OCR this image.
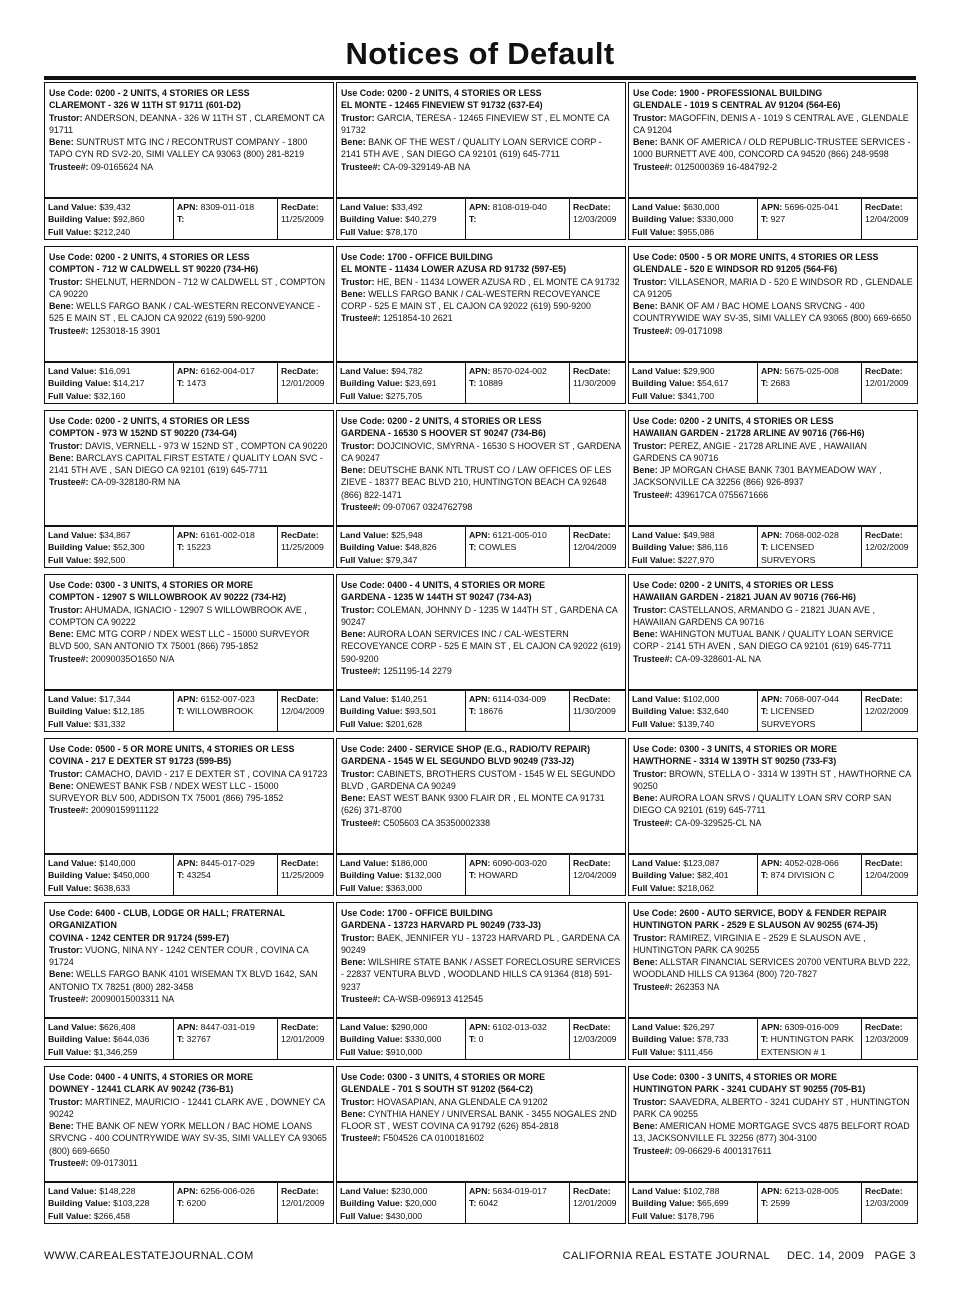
Notices of Default
Use Code: 0200 - 2 UNITS, 4 STORIES OR LESS
CLAREMONT - 326 W 11TH ST 91711 (601-D2)
Trustor: ANDERSON, DEANNA - 326 W 11TH ST , CLAREMONT CA 91711
Bene: SUNTRUST MTG INC / RECONTRUST COMPANY - 1800 TAPO CYN RD SV2-20, SIMI VALLEY CA 93063 (800) 281-8219
Trustee#: 09-0165624 NA
Land Value: $39,432
Building Value: $92,860
Full Value: $212,240
APN: 8309-011-018
T:
RecDate:
11/25/2009
Use Code: 0200 - 2 UNITS, 4 STORIES OR LESS
EL MONTE - 12465 FINEVIEW ST 91732 (637-E4)
Trustor: GARCIA, TERESA - 12465 FINEVIEW ST , EL MONTE CA 91732
Bene: BANK OF THE WEST / QUALITY LOAN SERVICE CORP - 2141 5TH AVE , SAN DIEGO CA 92101 (619) 645-7711
Trustee#: CA-09-329149-AB NA
Land Value: $33,492
Building Value: $40,279
Full Value: $78,170
APN: 8108-019-040
T:
RecDate:
12/03/2009
Use Code: 1900 - PROFESSIONAL BUILDING
GLENDALE - 1019 S CENTRAL AV 91204 (564-E6)
Trustor: MAGOFFIN, DENIS A - 1019 S CENTRAL AVE , GLENDALE CA 91204
Bene: BANK OF AMERICA / OLD REPUBLIC-TRUSTEE SERVICES - 1000 BURNETT AVE 400, CONCORD CA 94520 (866) 248-9598
Trustee#: 0125000369 16-484792-2
Land Value: $630,000
Building Value: $330,000
Full Value: $955,086
APN: 5696-025-041
T: 927
RecDate:
12/04/2009
Use Code: 0200 - 2 UNITS, 4 STORIES OR LESS
COMPTON - 712 W CALDWELL ST 90220 (734-H6)
Trustor: SHELNUT, HERNDON - 712 W CALDWELL ST , COMPTON CA 90220
Bene: WELLS FARGO BANK / CAL-WESTERN RECONVEYANCE - 525 E MAIN ST , EL CAJON CA 92022 (619) 590-9200
Trustee#: 1253018-15 3901
Land Value: $16,091
Building Value: $14,217
Full Value: $32,160
APN: 6162-004-017
T: 1473
RecDate:
12/01/2009
Use Code: 1700 - OFFICE BUILDING
EL MONTE - 11434 LOWER AZUSA RD 91732 (597-E5)
Trustor: HE, BEN - 11434 LOWER AZUSA RD , EL MONTE CA 91732
Bene: WELLS FARGO BANK / CAL-WESTERN RECOVEYANCE CORP - 525 E MAIN ST , EL CAJON CA 92022 (619) 590-9200
Trustee#: 1251854-10 2621
Land Value: $94,782
Building Value: $23,691
Full Value: $275,705
APN: 8570-024-002
T: 10889
RecDate:
11/30/2009
Use Code: 0500 - 5 OR MORE UNITS, 4 STORIES OR LESS
GLENDALE - 520 E WINDSOR RD 91205 (564-F6)
Trustor: VILLASENOR, MARIA D - 520 E WINDSOR RD , GLENDALE CA 91205
Bene: BANK OF AM / BAC HOME LOANS SRVCNG - 400 COUNTRYWIDE WAY SV-35, SIMI VALLEY CA 93065 (800) 669-6650
Trustee#: 09-0171098
Land Value: $29,900
Building Value: $54,617
Full Value: $341,700
APN: 5675-025-008
T: 2683
RecDate:
12/01/2009
Use Code: 0200 - 2 UNITS, 4 STORIES OR LESS
COMPTON - 973 W 152ND ST 90220 (734-G4)
Trustor: DAVIS, VERNELL - 973 W 152ND ST , COMPTON CA 90220
Bene: BARCLAYS CAPITAL FIRST ESTATE / QUALITY LOAN SVC - 2141 5TH AVE , SAN DIEGO CA 92101 (619) 645-7711
Trustee#: CA-09-328180-RM NA
Land Value: $34,867
Building Value: $52,300
Full Value: $92,500
APN: 6161-002-018
T: 15223
RecDate:
11/25/2009
Use Code: 0200 - 2 UNITS, 4 STORIES OR LESS
GARDENA - 16530 S HOOVER ST 90247 (734-B6)
Trustor: DOJCINOVIC, SMYRNA - 16530 S HOOVER ST , GARDENA CA 90247
Bene: DEUTSCHE BANK NTL TRUST CO / LAW OFFICES OF LES ZIEVE - 18377 BEAC BLVD 210, HUNTINGTON BEACH CA 92648 (866) 822-1471
Trustee#: 09-07067 0324762798
Land Value: $25,948
Building Value: $48,826
Full Value: $79,347
APN: 6121-005-010
T: COWLES
RecDate:
12/04/2009
Use Code: 0200 - 2 UNITS, 4 STORIES OR LESS
HAWAIIAN GARDEN - 21728 ARLINE AV 90716 (766-H6)
Trustor: PEREZ, ANGIE - 21728 ARLINE AVE , HAWAIIAN GARDENS CA 90716
Bene: JP MORGAN CHASE BANK 7301 BAYMEADOW WAY , JACKSONVILLE CA 32256 (866) 926-8937
Trustee#: 439617CA 0755671666
Land Value: $49,988
Building Value: $86,116
Full Value: $227,970
APN: 7068-002-028
T: LICENSED SURVEYORS
RecDate:
12/02/2009
Use Code: 0300 - 3 UNITS, 4 STORIES OR MORE
COMPTON - 12907 S WILLOWBROOK AV 90222 (734-H2)
Trustor: AHUMADA, IGNACIO - 12907 S WILLOWBROOK AVE , COMPTON CA 90222
Bene: EMC MTG CORP / NDEX WEST LLC - 15000 SURVEYOR BLVD 500, SAN ANTONIO TX 75001 (866) 795-1852
Trustee#: 20090035O1650 N/A
Land Value: $17,344
Building Value: $12,185
Full Value: $31,332
APN: 6152-007-023
T: WILLOWBROOK
RecDate:
12/04/2009
Use Code: 0400 - 4 UNITS, 4 STORIES OR MORE
GARDENA - 1235 W 144TH ST 90247 (734-A3)
Trustor: COLEMAN, JOHNNY D - 1235 W 144TH ST , GARDENA CA 90247
Bene: AURORA LOAN SERVICES INC / CAL-WESTERN RECOVEYANCE CORP - 525 E MAIN ST , EL CAJON CA 92022 (619) 590-9200
Trustee#: 1251195-14 2279
Land Value: $140,251
Building Value: $93,501
Full Value: $201,628
APN: 6114-034-009
T: 18676
RecDate:
11/30/2009
Use Code: 0200 - 2 UNITS, 4 STORIES OR LESS
HAWAIIAN GARDEN - 21821 JUAN AV 90716 (766-H6)
Trustor: CASTELLANOS, ARMANDO G - 21821 JUAN AVE , HAWAIIAN GARDENS CA 90716
Bene: WAHINGTON MUTUAL BANK / QUALITY LOAN SERVICE CORP - 2141 5TH AVEN , SAN DIEGO CA 92101 (619) 645-7711
Trustee#: CA-09-328601-AL NA
Land Value: $102,000
Building Value: $32,640
Full Value: $139,740
APN: 7068-007-044
T: LICENSED SURVEYORS
RecDate:
12/02/2009
Use Code: 0500 - 5 OR MORE UNITS, 4 STORIES OR LESS
COVINA - 217 E DEXTER ST 91723 (599-B5)
Trustor: CAMACHO, DAVID - 217 E DEXTER ST , COVINA CA 91723
Bene: ONEWEST BANK FSB / NDEX WEST LLC - 15000 SURVEYOR BLV 500, ADDISON TX 75001 (866) 795-1852
Trustee#: 20090159911122
Land Value: $140,000
Building Value: $450,000
Full Value: $638,633
APN: 8445-017-029
T: 43254
RecDate:
11/25/2009
Use Code: 2400 - SERVICE SHOP (E.G., RADIO/TV REPAIR)
GARDENA - 1545 W EL SEGUNDO BLVD 90249 (733-J2)
Trustor: CABINETS, BROTHERS CUSTOM - 1545 W EL SEGUNDO BLVD , GARDENA CA 90249
Bene: EAST WEST BANK 9300 FLAIR DR , EL MONTE CA 91731 (626) 371-8700
Trustee#: C505603 CA 35350002338
Land Value: $186,000
Building Value: $132,000
Full Value: $363,000
APN: 6090-003-020
T: HOWARD
RecDate:
12/04/2009
Use Code: 0300 - 3 UNITS, 4 STORIES OR MORE
HAWTHORNE - 3314 W 139TH ST 90250 (733-F3)
Trustor: BROWN, STELLA O - 3314 W 139TH ST , HAWTHORNE CA 90250
Bene: AURORA LOAN SRVS / QUALITY LOAN SRV CORP SAN DIEGO CA 92101 (619) 645-7711
Trustee#: CA-09-329525-CL NA
Land Value: $123,087
Building Value: $82,401
Full Value: $218,062
APN: 4052-028-066
T: 874 DIVISION C
RecDate:
12/04/2009
Use Code: 6400 - CLUB, LODGE OR HALL; FRATERNAL ORGANIZATION
COVINA - 1242 CENTER DR 91724 (599-E7)
Trustor: VUONG, NINA NY - 1242 CENTER COUR , COVINA CA 91724
Bene: WELLS FARGO BANK 4101 WISEMAN TX BLVD 1642, SAN ANTONIO TX 78251 (800) 282-3458
Trustee#: 20090015003311 NA
Land Value: $626,408
Building Value: $644,036
Full Value: $1,346,259
APN: 8447-031-019
T: 32767
RecDate:
12/01/2009
Use Code: 1700 - OFFICE BUILDING
GARDENA - 13723 HARVARD PL 90249 (733-J3)
Trustor: BAEK, JENNIFER YU - 13723 HARVARD PL , GARDENA CA 90249
Bene: WILSHIRE STATE BANK / ASSET FORECLOSURE SERVICES - 22837 VENTURA BLVD , WOODLAND HILLS CA 91364 (818) 591-9237
Trustee#: CA-WSB-096913 412545
Land Value: $290,000
Building Value: $330,000
Full Value: $910,000
APN: 6102-013-032
T: 0
RecDate:
12/03/2009
Use Code: 2600 - AUTO SERVICE, BODY & FENDER REPAIR
HUNTINGTON PARK - 2529 E SLAUSON AV 90255 (674-J5)
Trustor: RAMIREZ, VIRGINIA E - 2529 E SLAUSON AVE , HUNTINGTON PARK CA 90255
Bene: ALLSTAR FINANCIAL SERVICES 20700 VENTURA BLVD 222, WOODLAND HILLS CA 91364 (800) 720-7827
Trustee#: 262353 NA
Land Value: $26,297
Building Value: $78,733
Full Value: $111,456
APN: 6309-016-009
T: HUNTINGTON PARK EXTENSION # 1
RecDate:
12/03/2009
Use Code: 0400 - 4 UNITS, 4 STORIES OR MORE
DOWNEY - 12441 CLARK AV 90242 (736-B1)
Trustor: MARTINEZ, MAURICIO - 12441 CLARK AVE , DOWNEY CA 90242
Bene: THE BANK OF NEW YORK MELLON / BAC HOME LOANS SRVCNG - 400 COUNTRYWIDE WAY SV-35, SIMI VALLEY CA 93065 (800) 669-6650
Trustee#: 09-0173011
Land Value: $148,228
Building Value: $103,228
Full Value: $266,458
APN: 6256-006-026
T: 6200
RecDate:
12/01/2009
Use Code: 0300 - 3 UNITS, 4 STORIES OR MORE
GLENDALE - 701 S SOUTH ST 91202 (564-C2)
Trustor: HOVASAPIAN, ANA GLENDALE CA 91202
Bene: CYNTHIA HANEY / UNIVERSAL BANK - 3455 NOGALES 2ND FLOOR ST , WEST COVINA CA 91792 (626) 854-2818
Trustee#: F504526 CA 0100181602
Land Value: $230,000
Building Value: $20,000
Full Value: $430,000
APN: 5634-019-017
T: 6042
RecDate:
12/01/2009
Use Code: 0300 - 3 UNITS, 4 STORIES OR MORE
HUNTINGTON PARK - 3241 CUDAHY ST 90255 (705-B1)
Trustor: SAAVEDRA, ALBERTO - 3241 CUDAHY ST , HUNTINGTON PARK CA 90255
Bene: AMERICAN HOME MORTGAGE SVCS 4875 BELFORT ROAD 13, JACKSONVILLE FL 32256 (877) 304-3100
Trustee#: 09-06629-6 4001317611
Land Value: $102,788
Building Value: $65,699
Full Value: $178,796
APN: 6213-028-005
T: 2599
RecDate:
12/03/2009
WWW.CAREALESTATEJOURNAL.COM	CALIFORNIA REAL ESTATE JOURNAL     DEC. 14, 2009   PAGE 3
